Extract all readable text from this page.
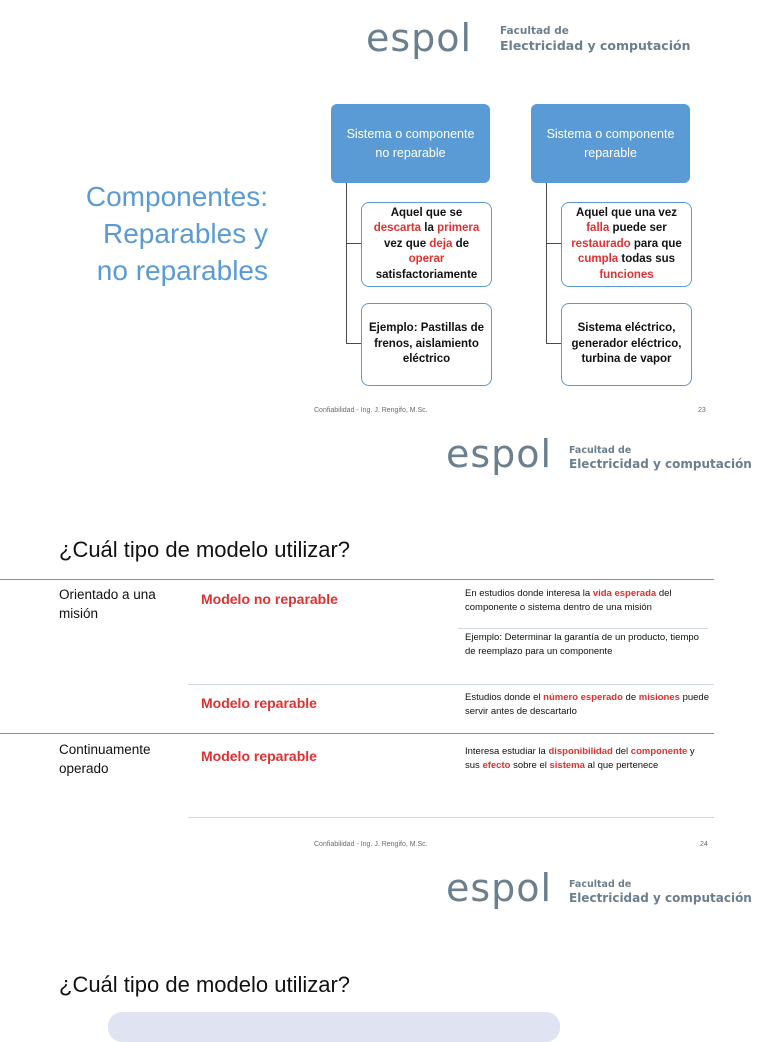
espol	Facultad de
Electricidad y computación
Componentes:
Reparables y
no reparables
Sistema o componente no reparable
Sistema o componente reparable
Aquel que se descarta la primera vez que deja de operar satisfactoriamente
Aquel que una vez falla puede ser restaurado para que cumpla todas sus funciones
Ejemplo: Pastillas de frenos, aislamiento eléctrico
Sistema eléctrico, generador eléctrico, turbina de vapor
Confiabilidad - Ing. J. Rengifo, M.Sc.	23
espol Facultad de
Electricidad y computación
¿Cuál tipo de modelo utilizar?
Orientado a una misión
Modelo no reparable	En estudios donde interesa la vida esperada del componente o sistema dentro de una misión
Ejemplo: Determinar la garantía de un producto, tiempo de reemplazo para un componente
Modelo reparable	Estudios donde el número esperado de misiones puede servir antes de descartarlo
Continuamente operado
Modelo reparable	Interesa estudiar la disponibilidad del componente y sus efecto sobre el sistema al que pertenece
Confiabilidad - Ing. J. Rengifo, M.Sc.	24
espol Facultad de
Electricidad y computación
¿Cuál tipo de modelo utilizar?
